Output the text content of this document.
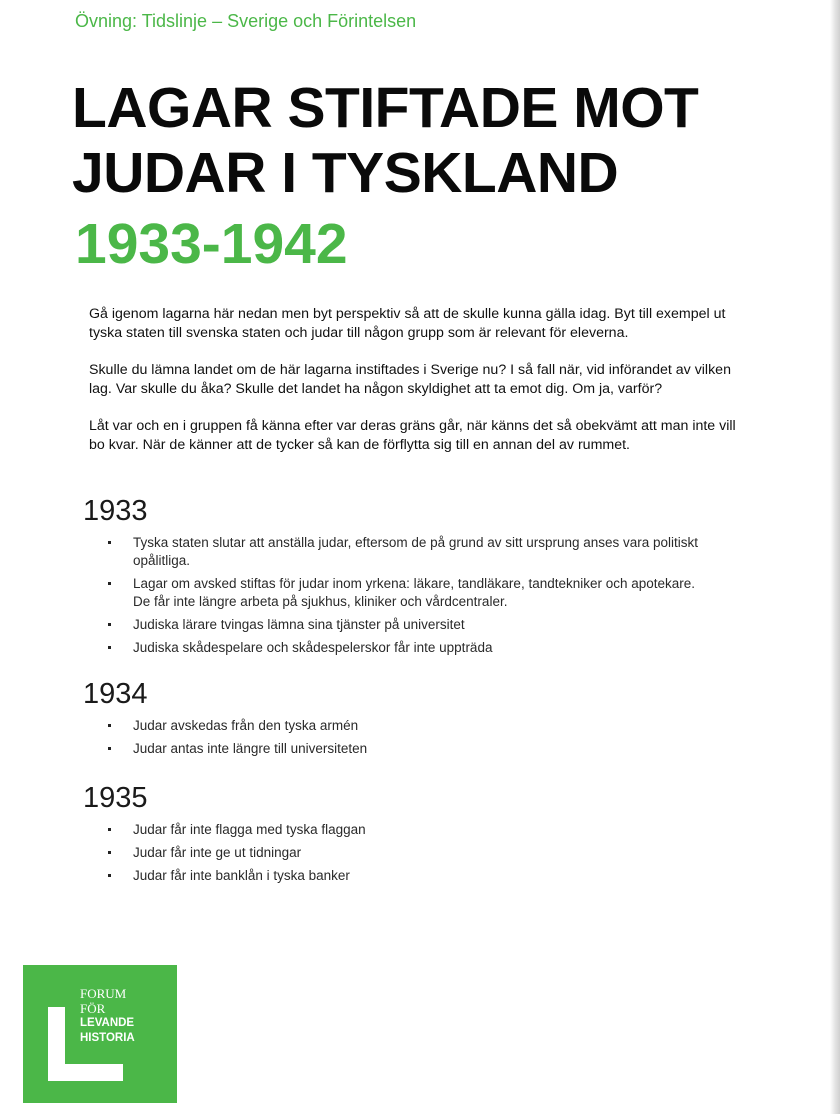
Övning: Tidslinje – Sverige och Förintelsen
LAGAR STIFTADE MOT
JUDAR I TYSKLAND
1933-1942

Gå igenom lagarna här nedan men byt perspektiv så att de skulle kunna gälla idag. Byt till exempel ut tyska staten till svenska staten och judar till någon grupp som är relevant för eleverna.

Skulle du lämna landet om de här lagarna instiftades i Sverige nu? I så fall när, vid införandet av vilken lag. Var skulle du åka? Skulle det landet ha någon skyldighet att ta emot dig. Om ja, varför?

Låt var och en i gruppen få känna efter var deras gräns går, när känns det så obekvämt att man inte vill bo kvar. När de känner att de tycker så kan de förflytta sig till en annan del av rummet.

1933
Tyska staten slutar att anställa judar, eftersom de på grund av sitt ursprung anses vara politiskt opålitliga.
Lagar om avsked stiftas för judar inom yrkena: läkare, tandläkare, tandtekniker och apotekare. De får inte längre arbeta på sjukhus, kliniker och vårdcentraler.
Judiska lärare tvingas lämna sina tjänster på universitet
Judiska skådespelare och skådespelerskor får inte uppträda
1934
Judar avskedas från den tyska armén
Judar antas inte längre till universiteten
1935
Judar får inte flagga med tyska flaggan
Judar får inte ge ut tidningar
Judar får inte banklån i tyska banker
FORUM
FÖR
LEVANDE
HISTORIA
